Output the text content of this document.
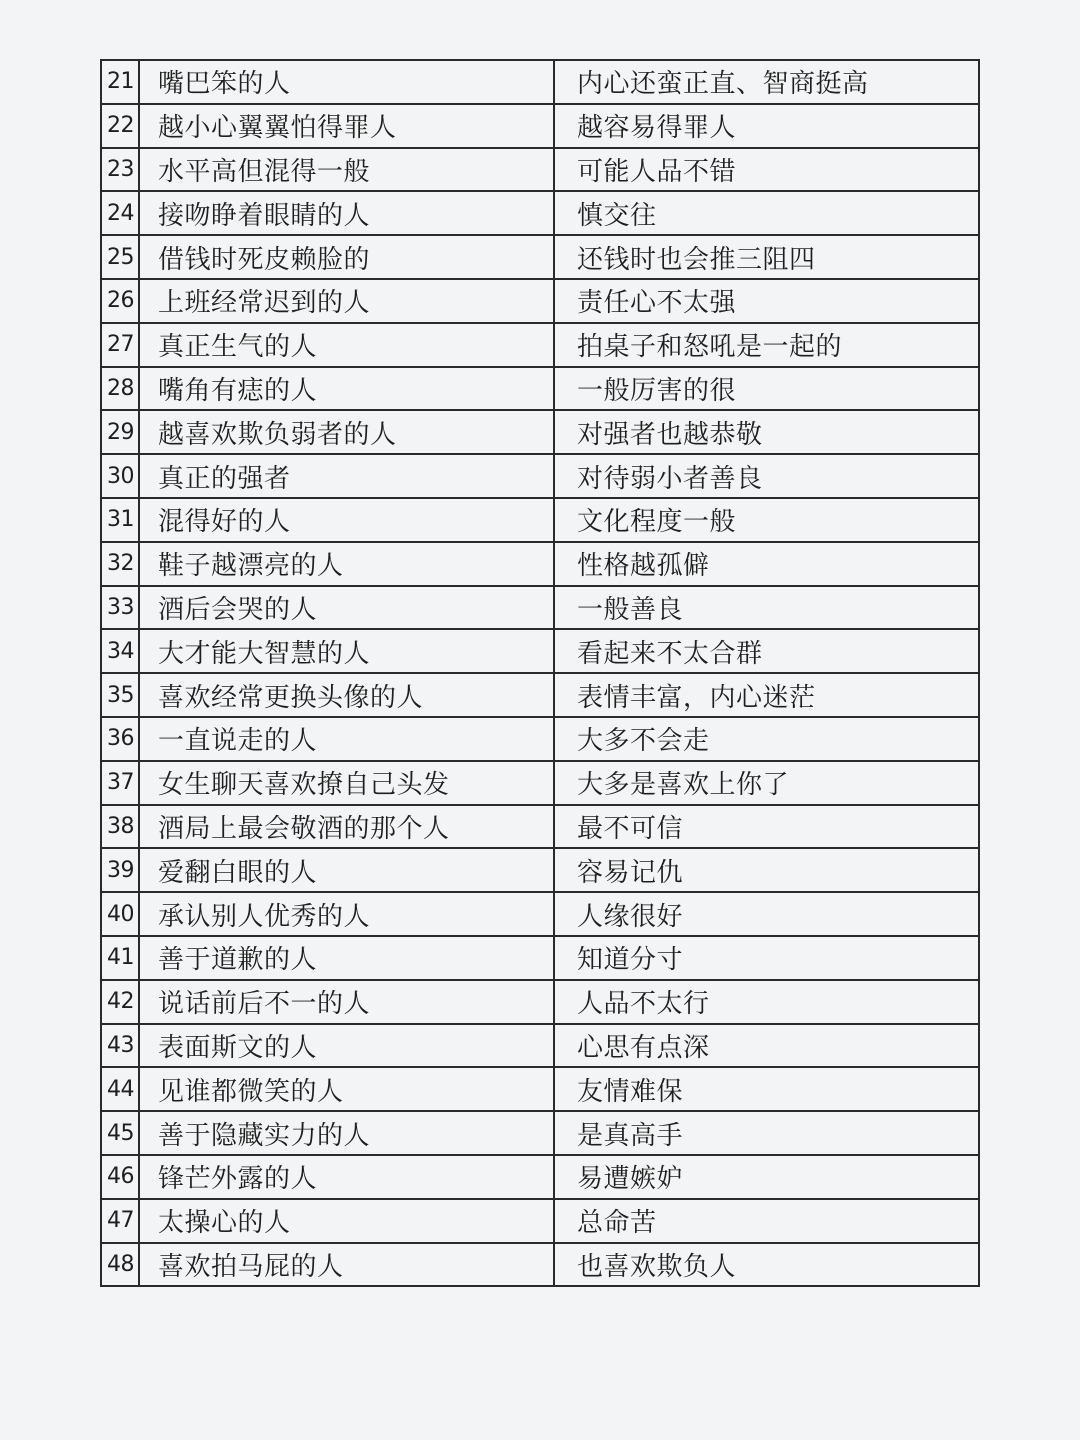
21	嘴巴笨的人	内心还蛮正直、智商挺高
22	越小心翼翼怕得罪人	越容易得罪人
23	水平高但混得一般	可能人品不错
24	接吻睁着眼睛的人	慎交往
25	借钱时死皮赖脸的	还钱时也会推三阻四
26	上班经常迟到的人	责任心不太强
27	真正生气的人	拍桌子和怒吼是一起的
28	嘴角有痣的人	一般厉害的很
29	越喜欢欺负弱者的人	对强者也越恭敬
30	真正的强者	对待弱小者善良
31	混得好的人	文化程度一般
32	鞋子越漂亮的人	性格越孤僻
33	酒后会哭的人	一般善良
34	大才能大智慧的人	看起来不太合群
35	喜欢经常更换头像的人	表情丰富，内心迷茫
36	一直说走的人	大多不会走
37	女生聊天喜欢撩自己头发	大多是喜欢上你了
38	酒局上最会敬酒的那个人	最不可信
39	爱翻白眼的人	容易记仇
40	承认别人优秀的人	人缘很好
41	善于道歉的人	知道分寸
42	说话前后不一的人	人品不太行
43	表面斯文的人	心思有点深
44	见谁都微笑的人	友情难保
45	善于隐藏实力的人	是真高手
46	锋芒外露的人	易遭嫉妒
47	太操心的人	总命苦
48	喜欢拍马屁的人	也喜欢欺负人
